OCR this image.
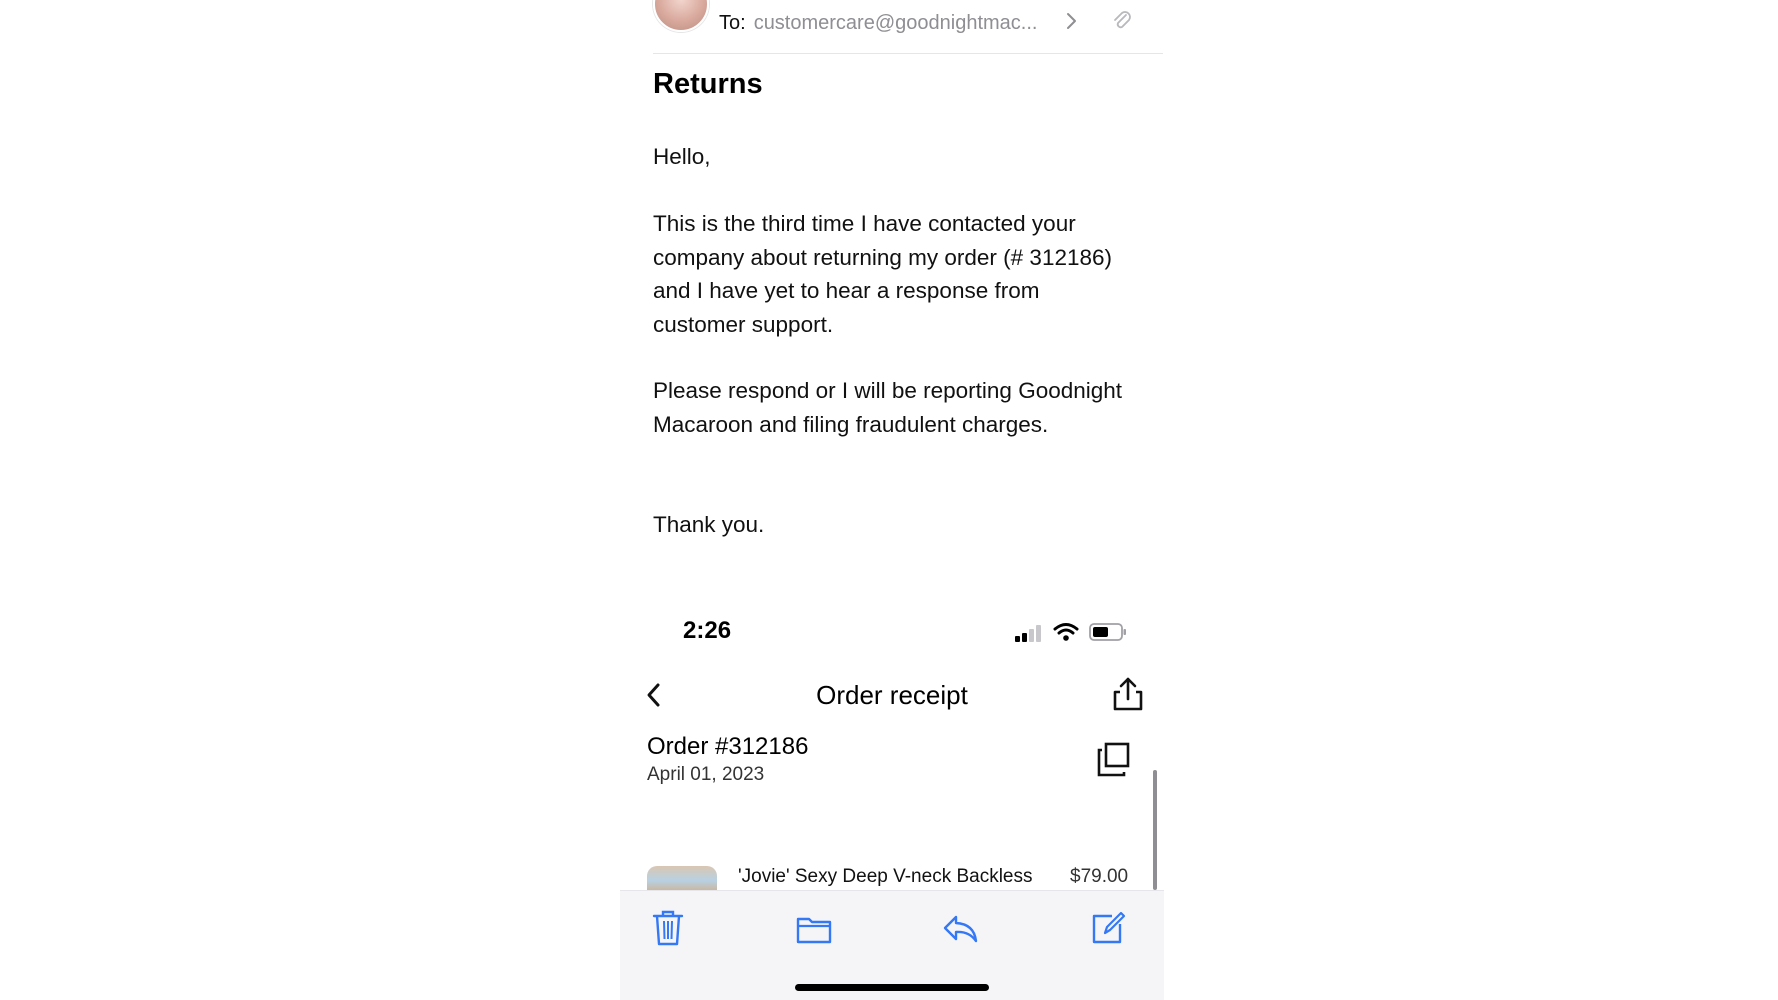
To: customercare@goodnightmac...
Returns
Hello,
This is the third time I have contacted your company about returning my order (# 312186) and I have yet to hear a response from customer support.
Please respond or I will be reporting Goodnight Macaroon and filing fraudulent charges.
Thank you.
2:26
Order receipt
Order #312186
April 01, 2023
'Jovie' Sexy Deep V-neck Backless $79.00
